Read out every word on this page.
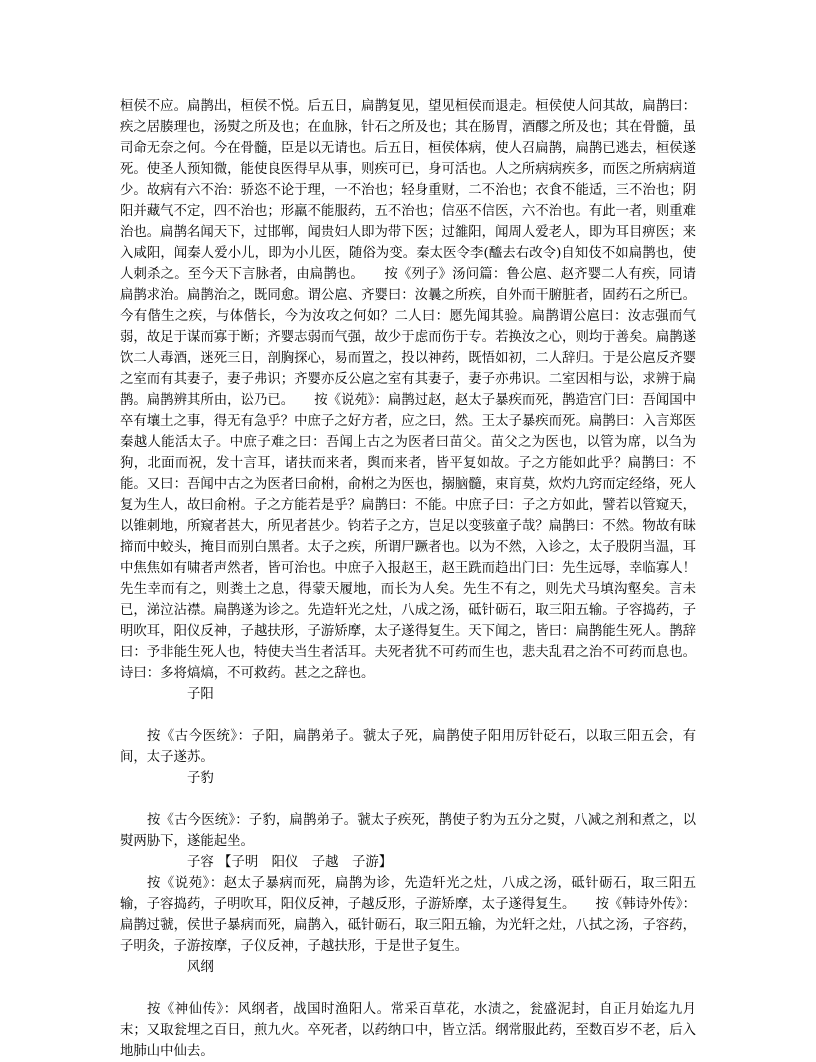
桓侯不应。扁鹊出，桓侯不悦。后五日，扁鹊复见，望见桓侯而退走。桓侯使人问其故，扁鹊曰：疾之居腠理也，汤熨之所及也；在血脉，针石之所及也；其在肠胃，酒醪之所及也；其在骨髓，虽司命无奈之何。今在骨髓，臣是以无请也。后五日，桓侯体病，使人召扁鹊，扁鹊已逃去，桓侯遂死。使圣人预知微，能使良医得早从事，则疾可已，身可活也。人之所病病疾多，而医之所病病道少。故病有六不治：骄恣不论于理，一不治也；轻身重财，二不治也；衣食不能适，三不治也；阴阳并藏气不定，四不治也；形羸不能服药，五不治也；信巫不信医，六不治也。有此一者，则重难治也。扁鹊名闻天下，过邯郸，闻贵妇人即为带下医；过雒阳，闻周人爱老人，即为耳目痹医；来入咸阳，闻秦人爱小儿，即为小儿医，随俗为变。秦太医令李(醯去右改令)自知伎不如扁鹊也，使人刺杀之。至今天下言脉者，由扁鹊也。　　按《列子》汤问篇：鲁公扈、赵齐婴二人有疾，同请扁鹊求治。扁鹊治之，既同愈。谓公扈、齐婴曰：汝曩之所疾，自外而干腑脏者，固药石之所已。今有偕生之疾，与体偕长，今为汝攻之何如？二人曰：愿先闻其验。扁鹊谓公扈曰：汝志强而气弱，故足于谋而寡于断；齐婴志弱而气强，故少于虑而伤于专。若换汝之心，则均于善矣。扁鹊遂饮二人毒酒，迷死三日，剖胸探心，易而置之，投以神药，既悟如初，二人辞归。于是公扈反齐婴之室而有其妻子，妻子弗识；齐婴亦反公扈之室有其妻子，妻子亦弗识。二室因相与讼，求辨于扁鹊。扁鹊辨其所由，讼乃已。　　按《说苑》：扁鹊过赵，赵太子暴疾而死，鹊造宫门曰：吾闻国中卒有壤土之事，得无有急乎？中庶子之好方者，应之曰，然。王太子暴疾而死。扁鹊曰：入言郑医秦越人能活太子。中庶子难之曰：吾闻上古之为医者曰苗父。苗父之为医也，以管为席，以刍为狗，北面而祝，发十言耳，诸扶而来者，舆而来者，皆平复如故。子之方能如此乎？扁鹊曰：不能。又曰：吾闻中古之为医者曰俞柎，俞柎之为医也，搦脑髓，束肓莫，炊灼九窍而定经络，死人复为生人，故曰俞柎。子之方能若是乎？扁鹊曰：不能。中庶子曰：子之方如此，譬若以管窥天，以锥刺地，所窥者甚大，所见者甚少。钧若子之方，岂足以变骇童子哉？扁鹊曰：不然。物故有昧揥而中蛟头，掩目而别白黑者。太子之疾，所谓尸蹶者也。以为不然，入诊之，太子股阴当温，耳中焦焦如有啸者声然者，皆可治也。中庶子入报赵王，赵王跣而趋出门曰：先生远辱，幸临寡人！先生幸而有之，则粪土之息，得蒙天履地，而长为人矣。先生不有之，则先犬马填沟壑矣。言未已，涕泣沾襟。扁鹊遂为诊之。先造轩光之灶，八成之汤，砥针砺石，取三阳五输。子容捣药，子明吹耳，阳仪反神，子越扶形，子游矫摩，太子遂得复生。天下闻之，皆曰：扁鹊能生死人。鹊辞曰：予非能生死人也，特使夫当生者活耳。夫死者犹不可药而生也，悲夫乱君之治不可药而息也。诗曰：多将熇熇，不可救药。甚之之辞也。

子阳

按《古今医统》：子阳，扁鹊弟子。虢太子死，扁鹊使子阳用厉针砭石，以取三阳五会，有间，太子遂苏。

子豹

按《古今医统》：子豹，扁鹊弟子。虢太子疾死，鹊使子豹为五分之熨，八减之剂和煮之，以熨两胁下，遂能起坐。

子容 【子明　阳仪　子越　子游】

按《说苑》：赵太子暴病而死，扁鹊为诊，先造轩光之灶，八成之汤，砥针砺石，取三阳五输，子容捣药，子明吹耳，阳仪反神，子越反形，子游矫摩，太子遂得复生。　　按《韩诗外传》：扁鹊过虢，侯世子暴病而死，扁鹊入，砥针砺石，取三阳五输，为光轩之灶，八拭之汤，子容药，子明灸，子游按摩，子仪反神，子越扶形，于是世子复生。

风纲

按《神仙传》：风纲者，战国时渔阳人。常采百草花，水渍之，瓮盛泥封，自正月始迄九月末；又取瓮埋之百日，煎九火。卒死者，以药纳口中，皆立活。纲常服此药，至数百岁不老，后入地肺山中仙去。
